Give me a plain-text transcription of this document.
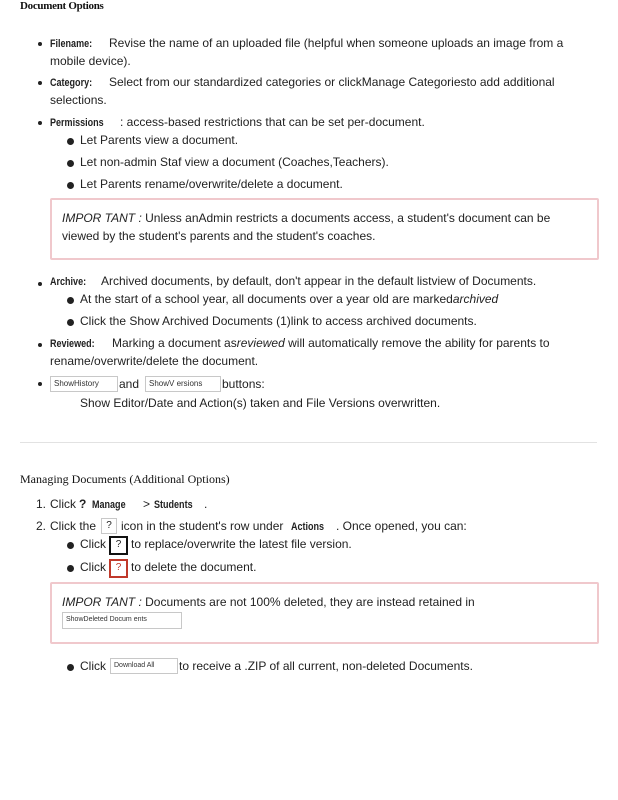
Document Options
Filename:	Revise the name of an uploaded file (helpful when someone uploads an image from a
mobile device).
Category:	Select from our standardized categories or clickManage Categoriesto add additional
selections.
Permissions	: access-based restrictions that can be set per-document.
Let Parents view a document.
Let non-admin Staf view a document (Coaches,Teachers).
Let Parents rename/overwrite/delete a document.
IMPOR TANT : Unless anAdmin restricts a documents access, a student's document can be
viewed by the student's parents and the student's coaches.
Archive:	Archived documents, by default, don't appear in the default listview of Documents.
At the start of a school year, all documents over a year old are markedarchived
Click the Show Archived Documents (1)link to access archived documents.
Reviewed:	Marking a document asreviewed will automatically remove the ability for parents to
rename/overwrite/delete the document.
ShowHistory	and	ShowV ersions	buttons:
Show Editor/Date and Action(s) taken and File Versions overwritten.
Managing Documents (Additional Options)
1. Click ? Manage	> Students .
2. Click the	? icon in the student's row under Actions . Once opened, you can:
Click ? to replace/overwrite the latest file version.
Click ? to delete the document.
IMPOR TANT : Documents are not 100% deleted, they are instead retained in
ShowDeleted Docum ents
Click	Download All	to receive a .ZIP of all current, non-deleted Documents.
